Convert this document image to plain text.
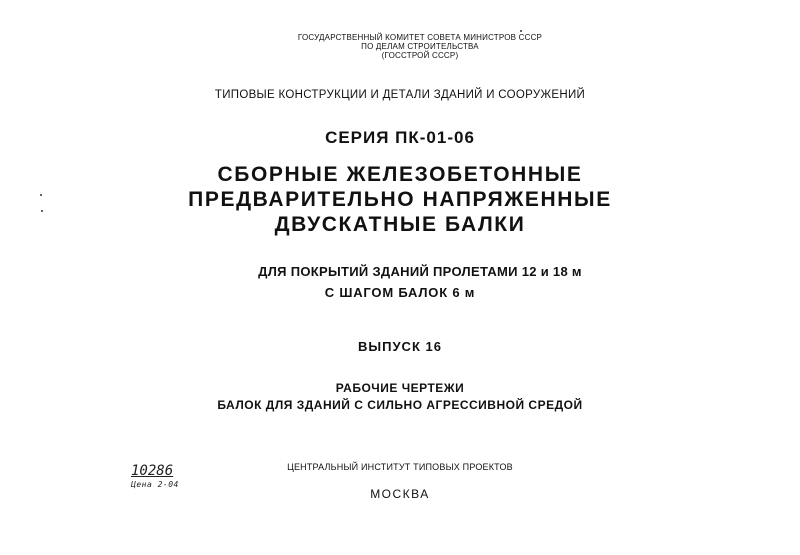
ГОСУДАРСТВЕННЫЙ КОМИТЕТ СОВЕТА МИНИСТРОВ СССР
ПО ДЕЛАМ СТРОИТЕЛЬСТВА
(ГОССТРОЙ СССР)
ТИПОВЫЕ КОНСТРУКЦИИ И ДЕТАЛИ ЗДАНИЙ И СООРУЖЕНИЙ
СЕРИЯ ПК-01-06
СБОРНЫЕ ЖЕЛЕЗОБЕТОННЫЕ
ПРЕДВАРИТЕЛЬНО НАПРЯЖЕННЫЕ
ДВУСКАТНЫЕ БАЛКИ
ДЛЯ ПОКРЫТИЙ ЗДАНИЙ ПРОЛЕТАМИ 12 и 18 м
С ШАГОМ БАЛОК 6 м
ВЫПУСК 16
РАБОЧИЕ ЧЕРТЕЖИ
БАЛОК ДЛЯ ЗДАНИЙ С СИЛЬНО АГРЕССИВНОЙ СРЕДОЙ
ЦЕНТРАЛЬНЫЙ ИНСТИТУТ ТИПОВЫХ ПРОЕКТОВ
МОСКВА
10286
Цена 2-04
